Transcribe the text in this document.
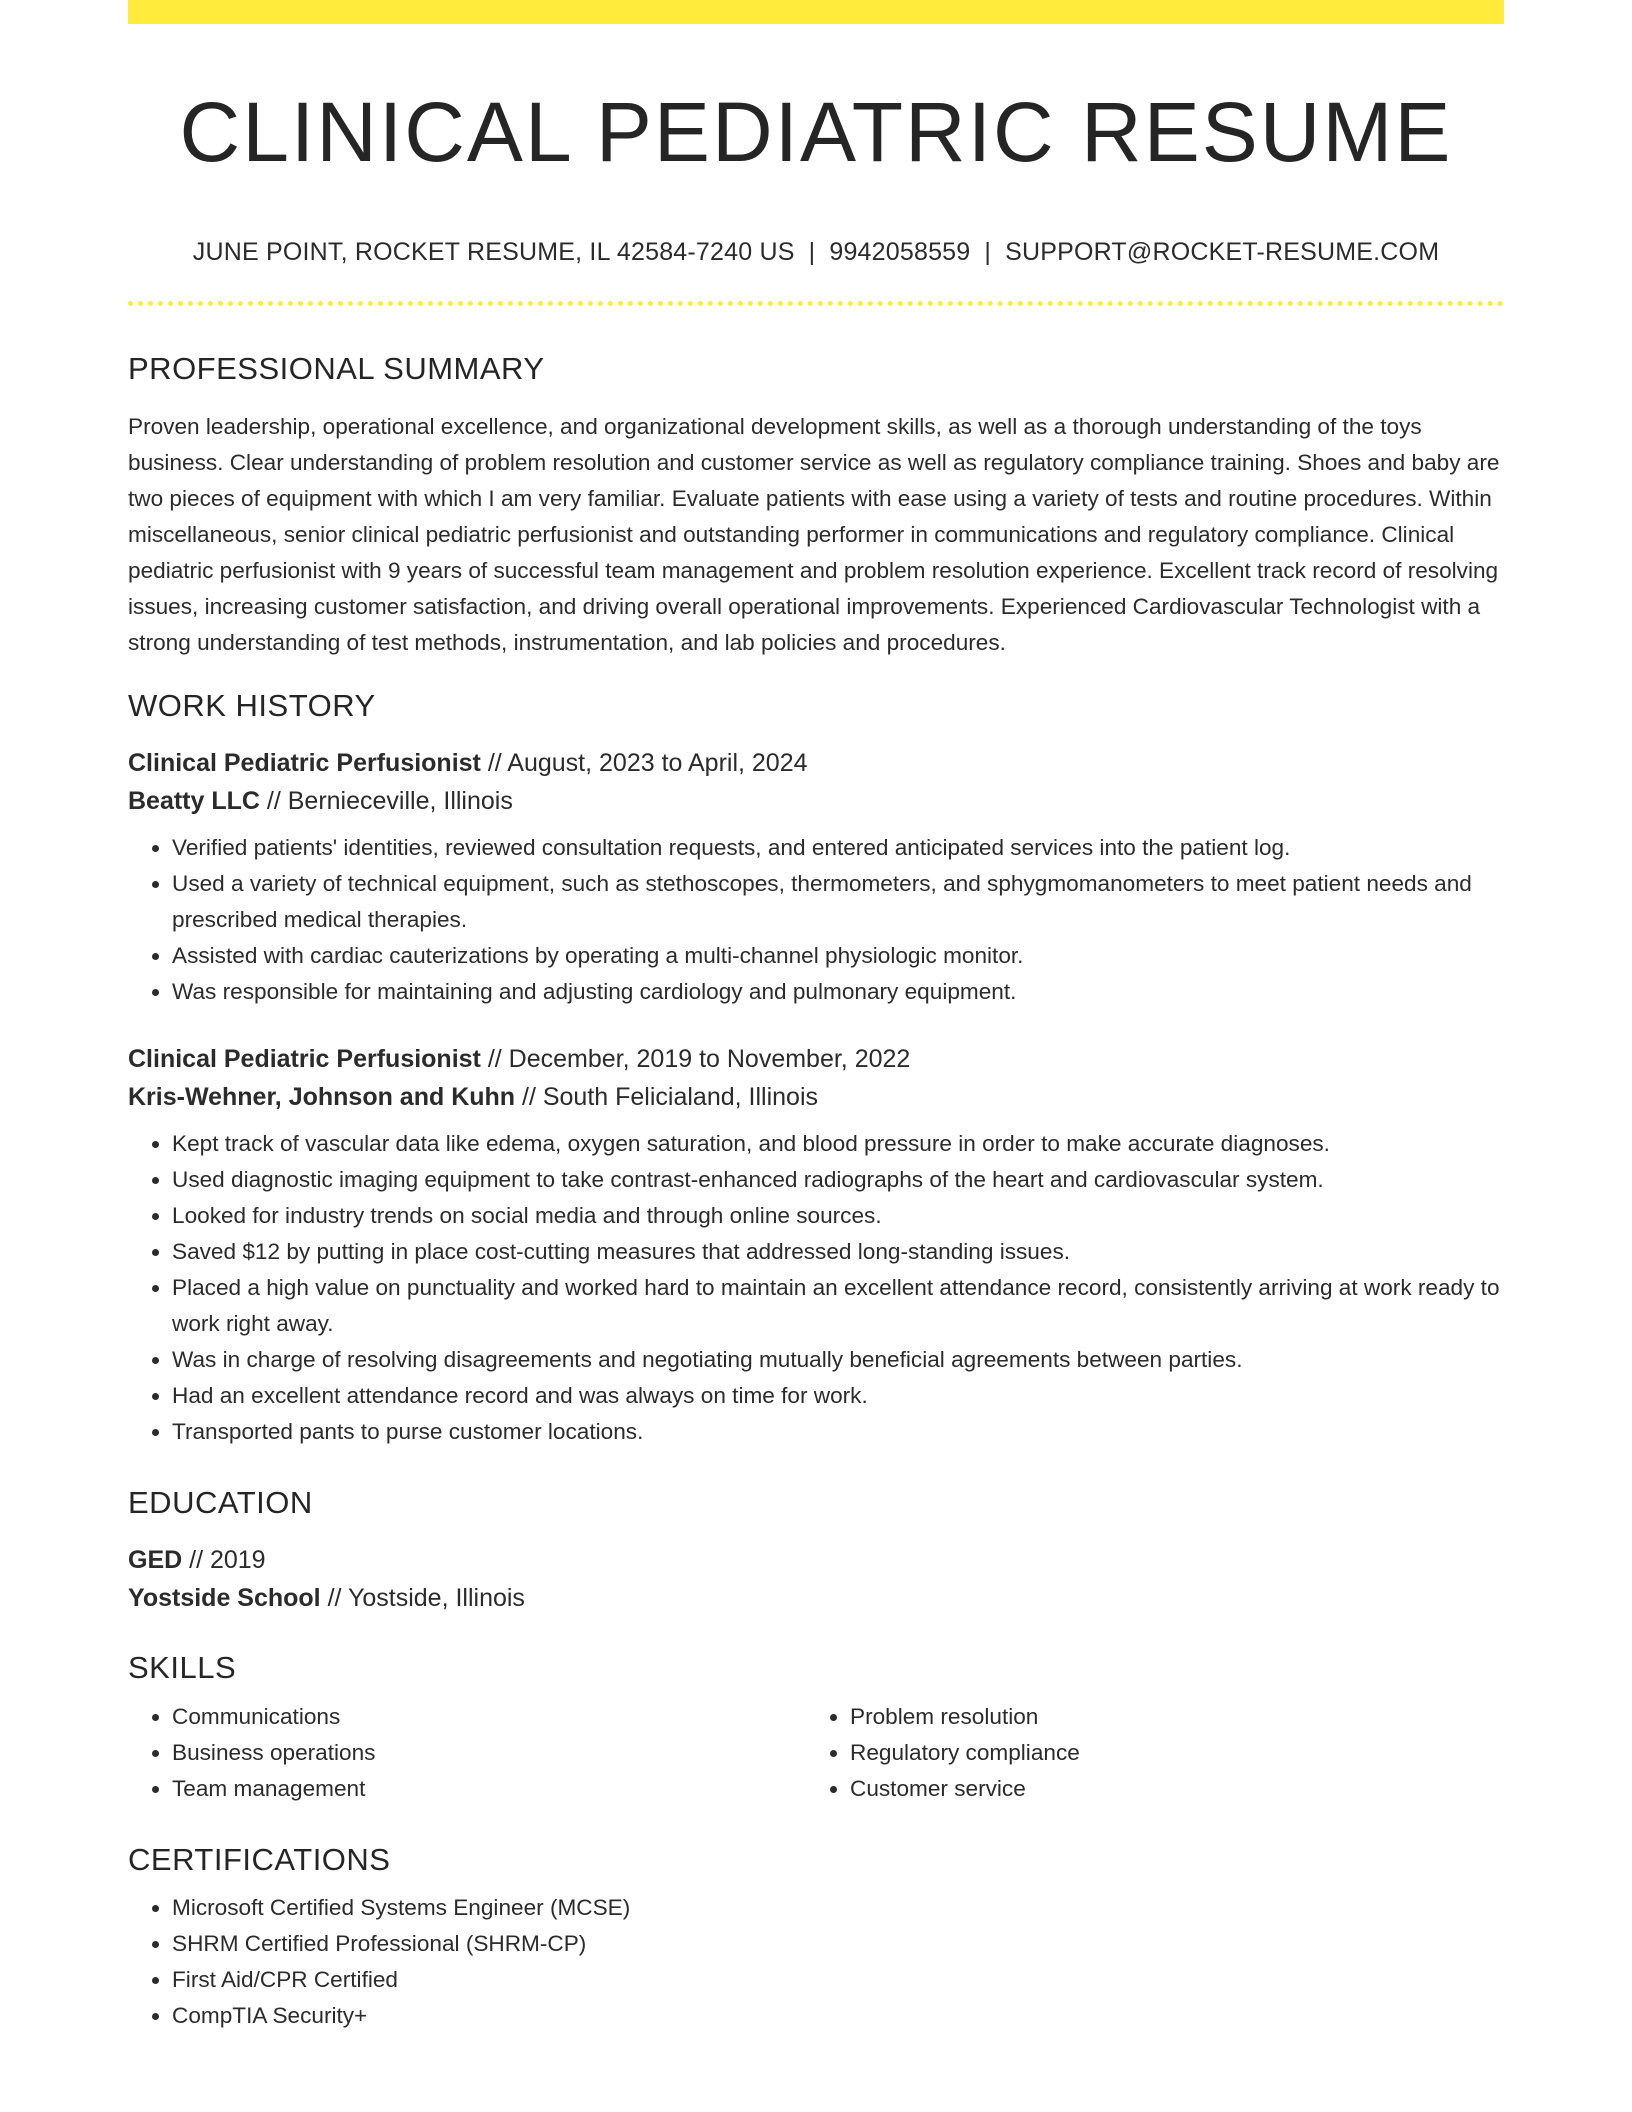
CLINICAL PEDIATRIC RESUME
JUNE POINT, ROCKET RESUME, IL 42584-7240 US | 9942058559 | SUPPORT@ROCKET-RESUME.COM
PROFESSIONAL SUMMARY

Proven leadership, operational excellence, and organizational development skills, as well as a thorough understanding of the toys business. Clear understanding of problem resolution and customer service as well as regulatory compliance training. Shoes and baby are two pieces of equipment with which I am very familiar. Evaluate patients with ease using a variety of tests and routine procedures. Within miscellaneous, senior clinical pediatric perfusionist and outstanding performer in communications and regulatory compliance. Clinical pediatric perfusionist with 9 years of successful team management and problem resolution experience. Excellent track record of resolving issues, increasing customer satisfaction, and driving overall operational improvements. Experienced Cardiovascular Technologist with a strong understanding of test methods, instrumentation, and lab policies and procedures.

WORK HISTORY
Clinical Pediatric Perfusionist // August, 2023 to April, 2024
Beatty LLC // Bernieceville, Illinois
• Verified patients' identities, reviewed consultation requests, and entered anticipated services into the patient log.
• Used a variety of technical equipment, such as stethoscopes, thermometers, and sphygmomanometers to meet patient needs and prescribed medical therapies.
• Assisted with cardiac cauterizations by operating a multi-channel physiologic monitor.
• Was responsible for maintaining and adjusting cardiology and pulmonary equipment.
Clinical Pediatric Perfusionist // December, 2019 to November, 2022
Kris-Wehner, Johnson and Kuhn // South Felicialand, Illinois
• Kept track of vascular data like edema, oxygen saturation, and blood pressure in order to make accurate diagnoses.
• Used diagnostic imaging equipment to take contrast-enhanced radiographs of the heart and cardiovascular system.
• Looked for industry trends on social media and through online sources.
• Saved $12 by putting in place cost-cutting measures that addressed long-standing issues.
• Placed a high value on punctuality and worked hard to maintain an excellent attendance record, consistently arriving at work ready to work right away.
• Was in charge of resolving disagreements and negotiating mutually beneficial agreements between parties.
• Had an excellent attendance record and was always on time for work.
• Transported pants to purse customer locations.
EDUCATION
GED // 2019
Yostside School // Yostside, Illinois
SKILLS
• Communications
• Business operations
• Team management
• Problem resolution
• Regulatory compliance
• Customer service
CERTIFICATIONS
• Microsoft Certified Systems Engineer (MCSE)
• SHRM Certified Professional (SHRM-CP)
• First Aid/CPR Certified
• CompTIA Security+
